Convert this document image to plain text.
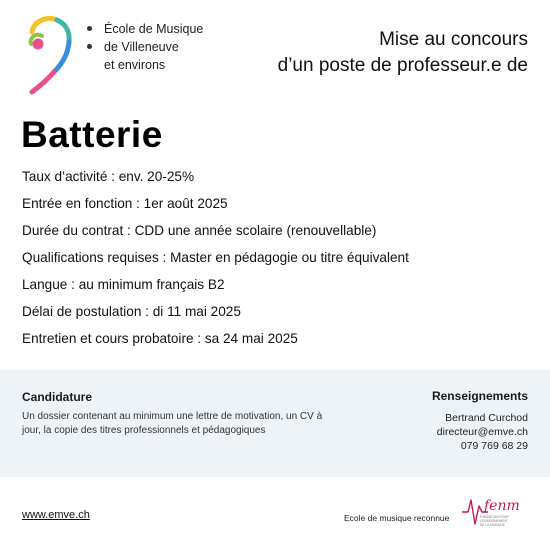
École de Musique
de Villeneuve
et environs
Mise au concours
d’un poste de professeur.e de
Batterie
Taux d’activité : env. 20-25%
Entrée en fonction : 1er août 2025
Durée du contrat : CDD une année scolaire (renouvellable)
Qualifications requises : Master en pédagogie ou titre équivalent
Langue : au minimum français B2
Délai de postulation : di 11 mai 2025
Entretien et cours probatoire : sa 24 mai 2025
Candidature
Un dossier contenant au minimum une lettre de motivation, un CV à jour, la copie des titres professionnels et pédagogiques
Renseignements
Bertrand Curchod
directeur@emve.ch
079 769 68 29
www.emve.ch	Ecole de musique reconnue
fenm
FONDATION POUR
L’ENSEIGNEMENT
DE LA MUSIQUE
